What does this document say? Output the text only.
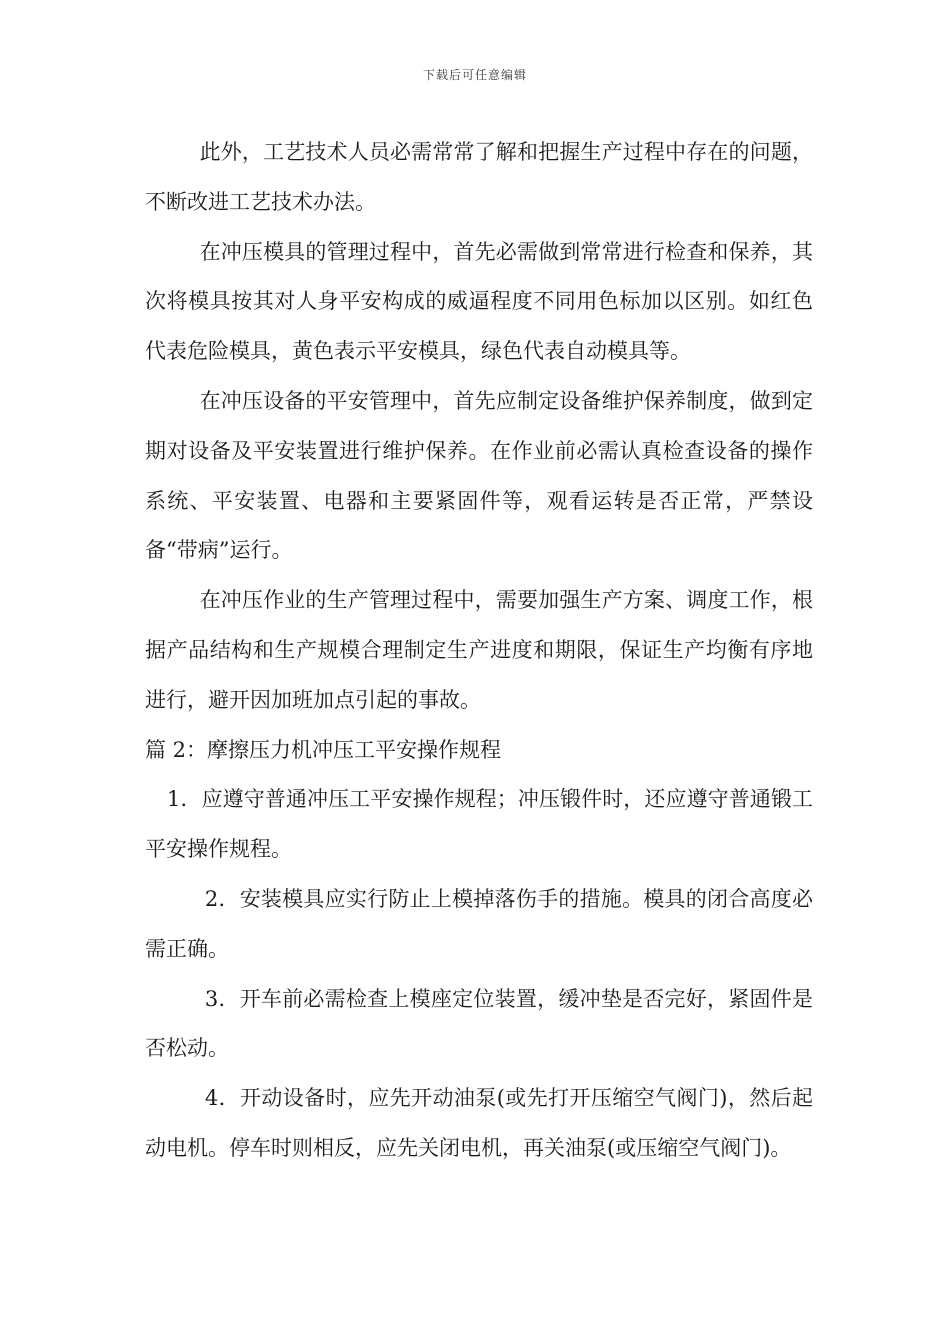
下载后可任意编辑

此外，工艺技术人员必需常常了解和把握生产过程中存在的问题，不断改进工艺技术办法。

在冲压模具的管理过程中，首先必需做到常常进行检查和保养，其次将模具按其对人身平安构成的威逼程度不同用色标加以区别。如红色代表危险模具，黄色表示平安模具，绿色代表自动模具等。

在冲压设备的平安管理中，首先应制定设备维护保养制度，做到定期对设备及平安装置进行维护保养。在作业前必需认真检查设备的操作系统、平安装置、电器和主要紧固件等，观看运转是否正常，严禁设备“带病”运行。

在冲压作业的生产管理过程中，需要加强生产方案、调度工作，根据产品结构和生产规模合理制定生产进度和期限，保证生产均衡有序地进行，避开因加班加点引起的事故。

篇 2：摩擦压力机冲压工平安操作规程

1．应遵守普通冲压工平安操作规程；冲压锻件时，还应遵守普通锻工平安操作规程。

2．安装模具应实行防止上模掉落伤手的措施。模具的闭合高度必需正确。

3．开车前必需检查上模座定位装置，缓冲垫是否完好，紧固件是否松动。

4．开动设备时，应先开动油泵(或先打开压缩空气阀门)，然后起动电机。停车时则相反，应先关闭电机，再关油泵(或压缩空气阀门)。
